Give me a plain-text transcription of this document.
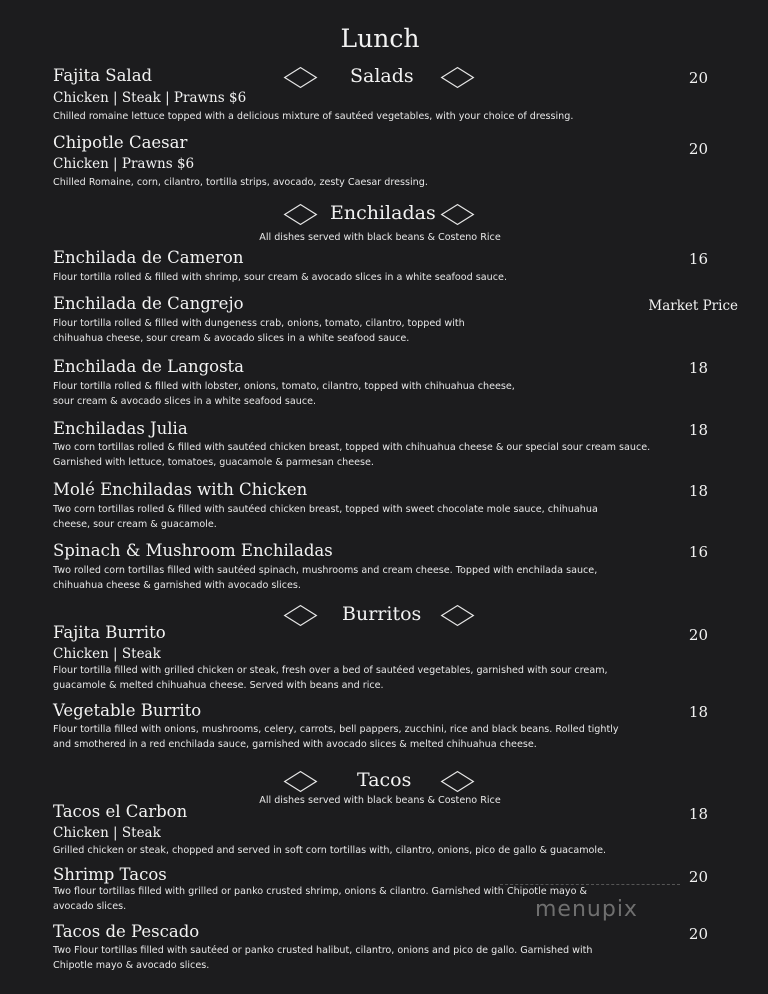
Lunch
Salads
Fajita Salad
Chicken | Steak | Prawns $6
Chilled romaine lettuce topped with a delicious mixture of sautéed vegetables, with your choice of dressing.
20
Chipotle Caesar
Chicken | Prawns $6
Chilled Romaine, corn, cilantro, tortilla strips, avocado, zesty Caesar dressing.
20
Enchiladas
All dishes served with black beans & Costeno Rice
Enchilada de Cameron
Flour tortilla rolled & filled with shrimp, sour cream & avocado slices in a white seafood sauce.
16
Enchilada de Cangrejo
Flour tortilla rolled & filled with dungeness crab, onions, tomato, cilantro, topped with
chihuahua cheese, sour cream & avocado slices in a white seafood sauce.
Market Price
Enchilada de Langosta
Flour tortilla rolled & filled with lobster, onions, tomato, cilantro, topped with chihuahua cheese,
sour cream & avocado slices in a white seafood sauce.
18
Enchiladas Julia
Two corn tortillas rolled & filled with sautéed chicken breast, topped with chihuahua cheese & our special sour cream sauce.
Garnished with lettuce, tomatoes, guacamole & parmesan cheese.
18
Molé Enchiladas with Chicken
Two corn tortillas rolled & filled with sautéed chicken breast, topped with sweet chocolate mole sauce, chihuahua
cheese, sour cream & guacamole.
18
Spinach & Mushroom Enchiladas
Two rolled corn tortillas filled with sautéed spinach, mushrooms and cream cheese. Topped with enchilada sauce,
chihuahua cheese & garnished with avocado slices.
16
Burritos
Fajita Burrito
Chicken | Steak
Flour tortilla filled with grilled chicken or steak, fresh over a bed of sautéed vegetables, garnished with sour cream,
guacamole & melted chihuahua cheese. Served with beans and rice.
20
Vegetable Burrito
Flour tortilla filled with onions, mushrooms, celery, carrots, bell pappers, zucchini, rice and black beans. Rolled tightly
and smothered in a red enchilada sauce, garnished with avocado slices & melted chihuahua cheese.
18
Tacos
All dishes served with black beans & Costeno Rice
Tacos el Carbon
Chicken | Steak
Grilled chicken or steak, chopped and served in soft corn tortillas with, cilantro, onions, pico de gallo & guacamole.
18
Shrimp Tacos
Two flour tortillas filled with grilled or panko crusted shrimp, onions & cilantro. Garnished with Chipotle mayo &
avocado slices.
20
Tacos de Pescado
Two Flour tortillas filled with sautéed or panko crusted halibut, cilantro, onions and pico de gallo. Garnished with
Chipotle mayo & avocado slices.
20
menupix
